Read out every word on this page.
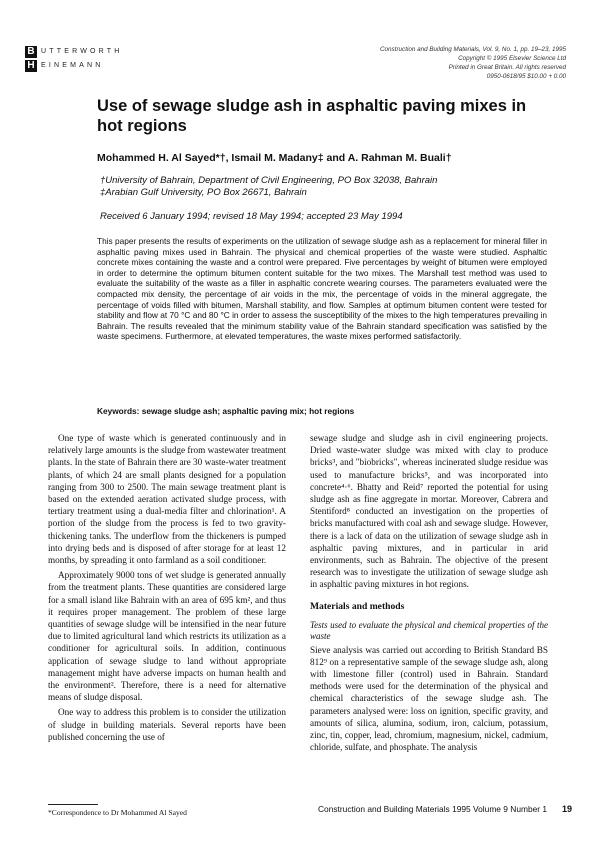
B UTTERWORTH
H EINEMANN
Construction and Building Materials, Vol. 9, No. 1, pp. 19–23, 1995
Copyright © 1995 Elsevier Science Ltd
Printed in Great Britain. All rights reserved
0950-0618/95 $10.00 + 0.00
Use of sewage sludge ash in asphaltic paving mixes in hot regions
Mohammed H. Al Sayed*†, Ismail M. Madany‡ and A. Rahman M. Buali†
†University of Bahrain, Department of Civil Engineering, PO Box 32038, Bahrain
‡Arabian Gulf University, PO Box 26671, Bahrain
Received 6 January 1994; revised 18 May 1994; accepted 23 May 1994

This paper presents the results of experiments on the utilization of sewage sludge ash as a replacement for mineral filler in asphaltic paving mixes used in Bahrain. The physical and chemical properties of the waste were studied. Asphaltic concrete mixes containing the waste and a control were prepared. Five percentages by weight of bitumen were employed in order to determine the optimum bitumen content suitable for the two mixes. The Marshall test method was used to evaluate the suitability of the waste as a filler in asphaltic concrete wearing courses. The parameters evaluated were the compacted mix density, the percentage of air voids in the mix, the percentage of voids in the mineral aggregate, the percentage of voids filled with bitumen, Marshall stability, and flow. Samples at optimum bitumen content were tested for stability and flow at 70 °C and 80 °C in order to assess the susceptibility of the mixes to the high temperatures prevailing in Bahrain. The results revealed that the minimum stability value of the Bahrain standard specification was satisfied by the waste specimens. Furthermore, at elevated temperatures, the waste mixes performed satisfactorily.

Keywords: sewage sludge ash; asphaltic paving mix; hot regions

One type of waste which is generated continuously and in relatively large amounts is the sludge from wastewater treatment plants. In the state of Bahrain there are 30 waste-water treatment plants, of which 24 are small plants designed for a population ranging from 300 to 2500. The main sewage treatment plant is based on the extended aeration activated sludge process, with tertiary treatment using a dual-media filter and chlorination¹. A portion of the sludge from the process is fed to two gravity-thickening tanks. The underflow from the thickeners is pumped into drying beds and is disposed of after storage for at least 12 months, by spreading it onto farmland as a soil conditioner.

Approximately 9000 tons of wet sludge is generated annually from the treatment plants. These quantities are considered large for a small island like Bahrain with an area of 695 km², and thus it requires proper management. The problem of these large quantities of sewage sludge will be intensified in the near future due to limited agricultural land which restricts its utilization as a conditioner for agricultural soils. In addition, continuous application of sewage sludge to land without appropriate management might have adverse impacts on human health and the environment². Therefore, there is a need for alternative means of sludge disposal.

One way to address this problem is to consider the utilization of sludge in building materials. Several reports have been published concerning the use of

sewage sludge and sludge ash in civil engineering projects. Dried waste-water sludge was mixed with clay to produce bricks³, and "biobricks", whereas incinerated sludge residue was used to manufacture bricks⁵, and was incorporated into concrete⁴·⁶. Bhatty and Reid⁷ reported the potential for using sludge ash as fine aggregate in mortar. Moreover, Cabrera and Stentiford⁸ conducted an investigation on the properties of bricks manufactured with coal ash and sewage sludge. However, there is a lack of data on the utilization of sewage sludge ash in asphaltic paving mixtures, and in particular in arid environments, such as Bahrain. The objective of the present research was to investigate the utilization of sewage sludge ash in asphaltic paving mixtures in hot regions.

Materials and methods
Tests used to evaluate the physical and chemical properties of the waste

Sieve analysis was carried out according to British Standard BS 812⁹ on a representative sample of the sewage sludge ash, along with limestone filler (control) used in Bahrain. Standard methods were used for the determination of the physical and chemical characteristics of the sewage sludge ash. The parameters analysed were: loss on ignition, specific gravity, and amounts of silica, alumina, sodium, iron, calcium, potassium, zinc, tin, copper, lead, chromium, magnesium, nickel, cadmium, chloride, sulfate, and phosphate. The analysis

*Correspondence to Dr Mohammed Al Sayed	Construction and Building Materials 1995 Volume 9 Number 1 19
